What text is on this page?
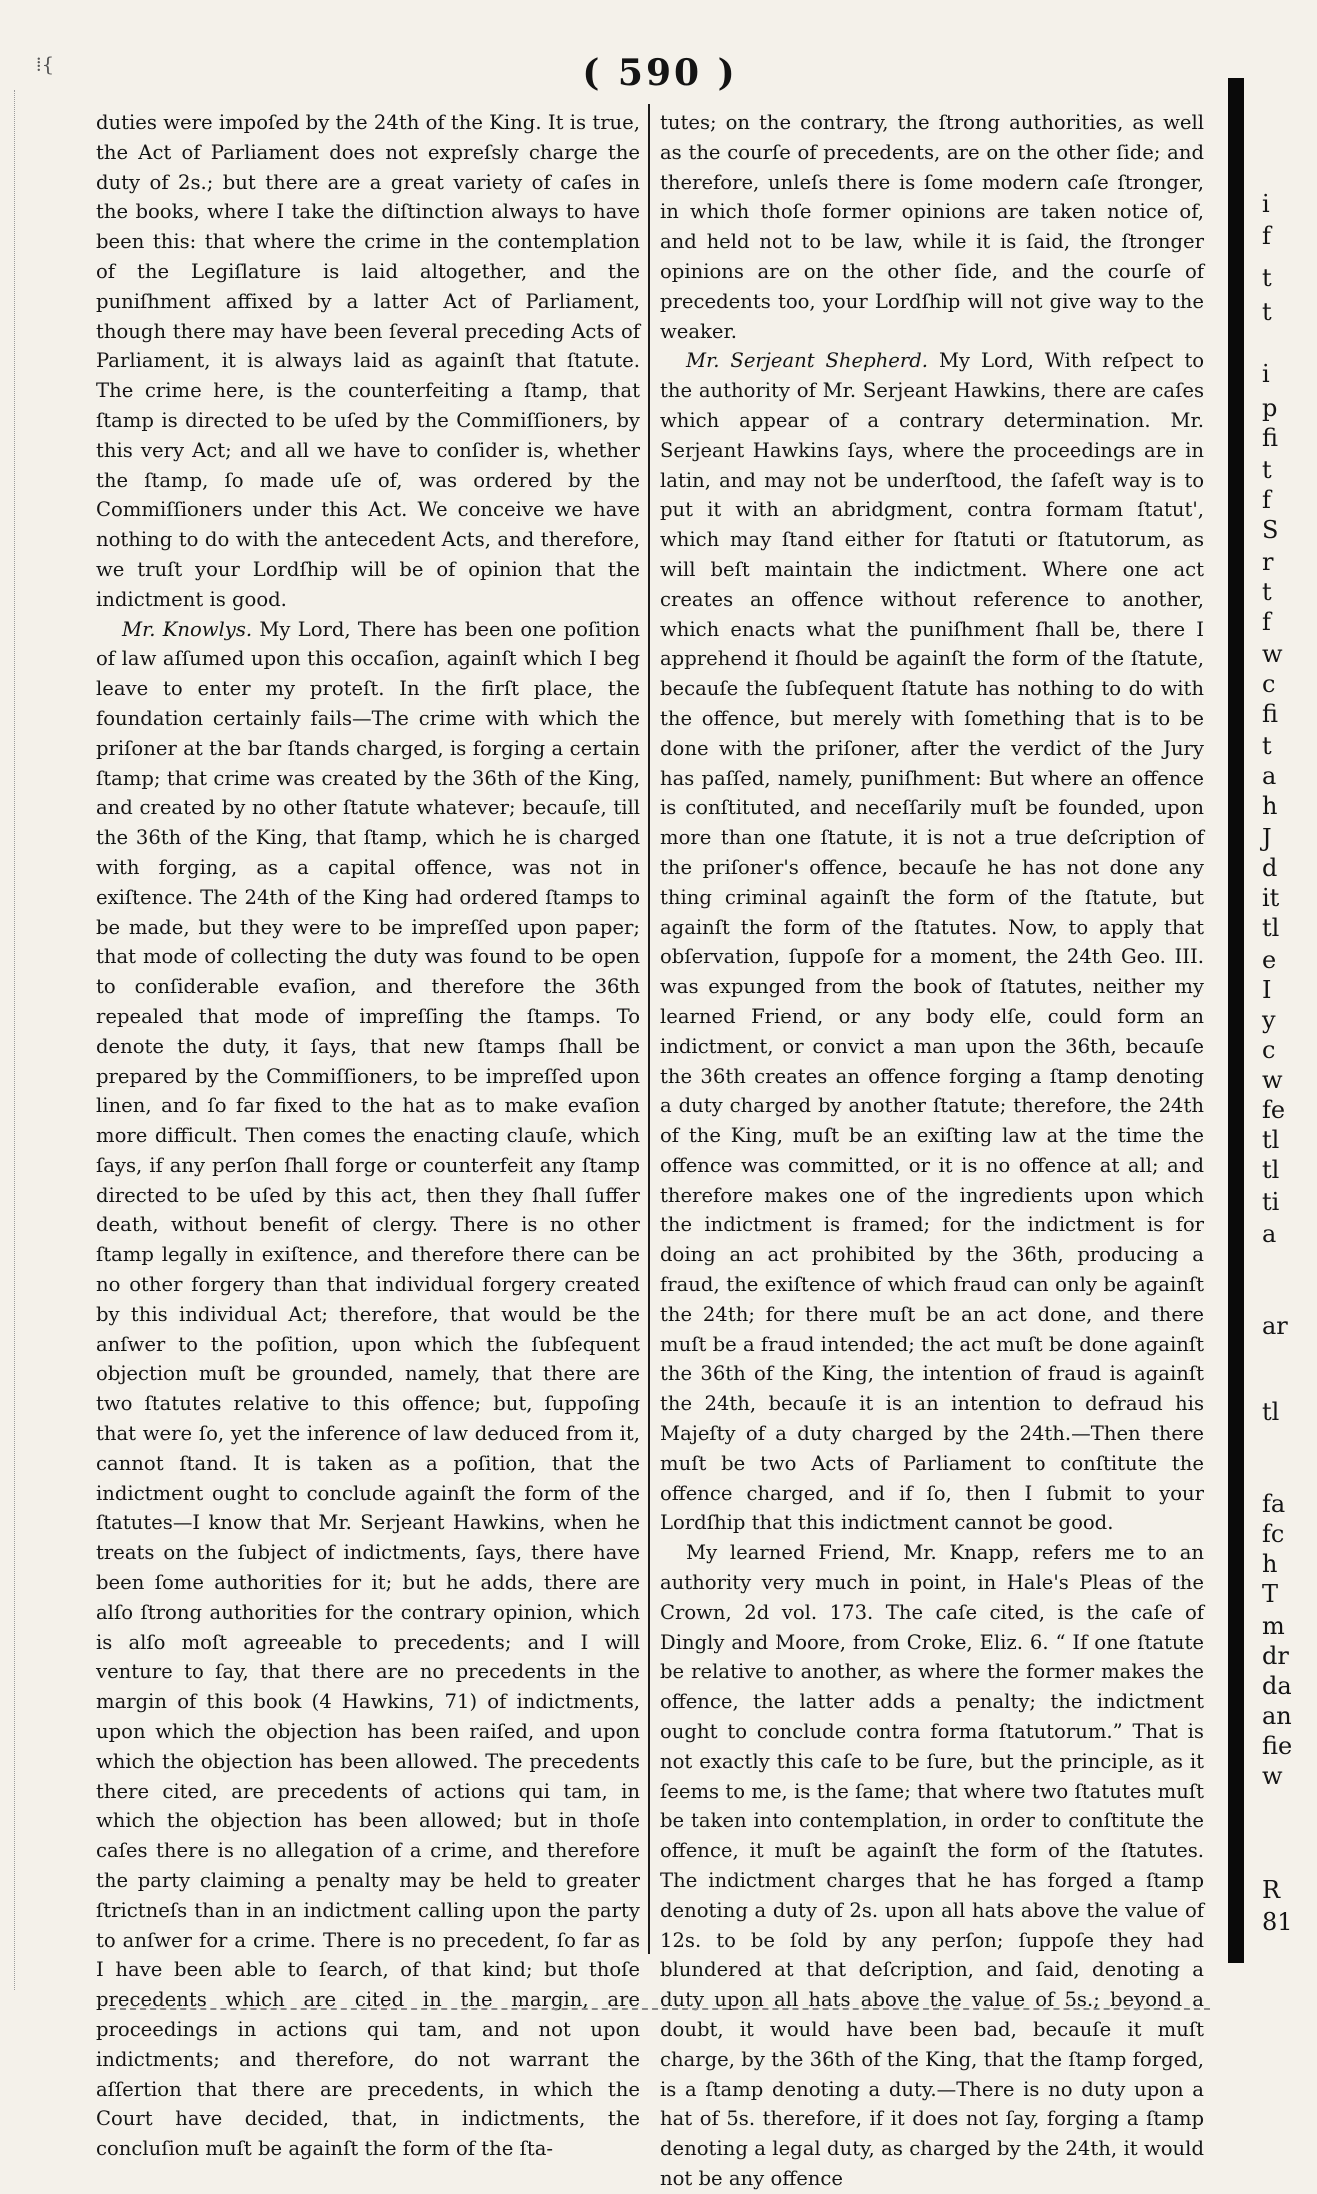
⁞{	( 590 )

duties were impoſed by the 24th of the King. It is true, the Act of Parliament does not expreſsly charge the duty of 2s.; but there are a great variety of caſes in the books, where I take the diſtinction always to have been this: that where the crime in the contemplation of the Legiſlature is laid altogether, and the puniſhment affixed by a latter Act of Parliament, though there may have been ſeveral preceding Acts of Parliament, it is always laid as againſt that ſtatute. The crime here, is the counterfeiting a ſtamp, that ſtamp is directed to be uſed by the Commiſſioners, by this very Act; and all we have to conſider is, whether the ſtamp, ſo made uſe of, was ordered by the Commiſſioners under this Act. We conceive we have nothing to do with the antecedent Acts, and therefore, we truſt your Lordſhip will be of opinion that the indictment is good.

Mr. Knowlys. My Lord, There has been one poſition of law aſſumed upon this occaſion, againſt which I beg leave to enter my proteſt. In the firſt place, the foundation certainly fails—The crime with which the priſoner at the bar ſtands charged, is forging a certain ſtamp; that crime was created by the 36th of the King, and created by no other ſtatute whatever; becauſe, till the 36th of the King, that ſtamp, which he is charged with forging, as a capital offence, was not in exiſtence. The 24th of the King had ordered ſtamps to be made, but they were to be impreſſed upon paper; that mode of collecting the duty was found to be open to conſiderable evaſion, and therefore the 36th repealed that mode of impreſſing the ſtamps. To denote the duty, it ſays, that new ſtamps ſhall be prepared by the Commiſſioners, to be impreſſed upon linen, and ſo far fixed to the hat as to make evaſion more difficult. Then comes the enacting clauſe, which ſays, if any perſon ſhall forge or counterfeit any ſtamp directed to be uſed by this act, then they ſhall ſuffer death, without benefit of clergy. There is no other ſtamp legally in exiſtence, and therefore there can be no other forgery than that individual forgery created by this individual Act; therefore, that would be the anſwer to the poſition, upon which the ſubſequent objection muſt be grounded, namely, that there are two ſtatutes relative to this offence; but, ſuppoſing that were ſo, yet the inference of law deduced from it, cannot ſtand. It is taken as a poſition, that the indictment ought to conclude againſt the form of the ſtatutes—I know that Mr. Serjeant Hawkins, when he treats on the ſubject of indictments, ſays, there have been ſome authorities for it; but he adds, there are alſo ſtrong authorities for the contrary opinion, which is alſo moſt agreeable to precedents; and I will venture to ſay, that there are no precedents in the margin of this book (4 Hawkins, 71) of indictments, upon which the objection has been raiſed, and upon which the objection has been allowed. The precedents there cited, are precedents of actions qui tam, in which the objection has been allowed; but in thoſe caſes there is no allegation of a crime, and therefore the party claiming a penalty may be held to greater ſtrictneſs than in an indictment calling upon the party to anſwer for a crime. There is no precedent, ſo far as I have been able to ſearch, of that kind; but thoſe precedents which are cited in the margin, are proceedings in actions qui tam, and not upon indictments; and therefore, do not warrant the aſſertion that there are precedents, in which the Court have decided, that, in indictments, the concluſion muſt be againſt the form of the ſta-

tutes; on the contrary, the ſtrong authorities, as well as the courſe of precedents, are on the other ſide; and therefore, unleſs there is ſome modern caſe ſtronger, in which thoſe former opinions are taken notice of, and held not to be law, while it is ſaid, the ſtronger opinions are on the other ſide, and the courſe of precedents too, your Lordſhip will not give way to the weaker.

Mr. Serjeant Shepherd. My Lord, With reſpect to the authority of Mr. Serjeant Hawkins, there are caſes which appear of a contrary determination. Mr. Serjeant Hawkins ſays, where the proceedings are in latin, and may not be underſtood, the ſafeſt way is to put it with an abridgment, contra formam ſtatut', which may ſtand either for ſtatuti or ſtatutorum, as will beſt maintain the indictment. Where one act creates an offence without reference to another, which enacts what the puniſhment ſhall be, there I apprehend it ſhould be againſt the form of the ſtatute, becauſe the ſubſequent ſtatute has nothing to do with the offence, but merely with ſomething that is to be done with the priſoner, after the verdict of the Jury has paſſed, namely, puniſhment: But where an offence is conſtituted, and neceſſarily muſt be founded, upon more than one ſtatute, it is not a true deſcription of the priſoner's offence, becauſe he has not done any thing criminal againſt the form of the ſtatute, but againſt the form of the ſtatutes. Now, to apply that obſervation, ſuppoſe for a moment, the 24th Geo. III. was expunged from the book of ſtatutes, neither my learned Friend, or any body elſe, could form an indictment, or convict a man upon the 36th, becauſe the 36th creates an offence forging a ſtamp denoting a duty charged by another ſtatute; therefore, the 24th of the King, muſt be an exiſting law at the time the offence was committed, or it is no offence at all; and therefore makes one of the ingredients upon which the indictment is framed; for the indictment is for doing an act prohibited by the 36th, producing a fraud, the exiſtence of which fraud can only be againſt the 24th; for there muſt be an act done, and there muſt be a fraud intended; the act muſt be done againſt the 36th of the King, the intention of fraud is againſt the 24th, becauſe it is an intention to defraud his Majeſty of a duty charged by the 24th.—Then there muſt be two Acts of Parliament to conſtitute the offence charged, and if ſo, then I ſubmit to your Lordſhip that this indictment cannot be good.

My learned Friend, Mr. Knapp, refers me to an authority very much in point, in Hale's Pleas of the Crown, 2d vol. 173. The caſe cited, is the caſe of Dingly and Moore, from Croke, Eliz. 6. “ If one ſtatute be relative to another, as where the former makes the offence, the latter adds a penalty; the indictment ought to conclude contra forma ſtatutorum.” That is not exactly this caſe to be ſure, but the principle, as it ſeems to me, is the ſame; that where two ſtatutes muſt be taken into contemplation, in order to conſtitute the offence, it muſt be againſt the form of the ſtatutes. The indictment charges that he has forged a ſtamp denoting a duty of 2s. upon all hats above the value of 12s. to be ſold by any perſon; ſuppoſe they had blundered at that deſcription, and ſaid, denoting a duty upon all hats above the value of 5s.; beyond a doubt, it would have been bad, becauſe it muſt charge, by the 36th of the King, that the ſtamp forged, is a ſtamp denoting a duty.—There is no duty upon a hat of 5s. therefore, if it does not ſay, forging a ſtamp denoting a legal duty, as charged by the 24th, it would not be any offence

i
f
t
t
i
p
fi
t
f
S
r
t
f
w
c
fi
t
a
h
J
d
it
tl
e
I
y
c
w
fe
tl
tl
ti
a
ar
tl
fa
fc
h
T
m
dr
da
an
fie
w
R
81
